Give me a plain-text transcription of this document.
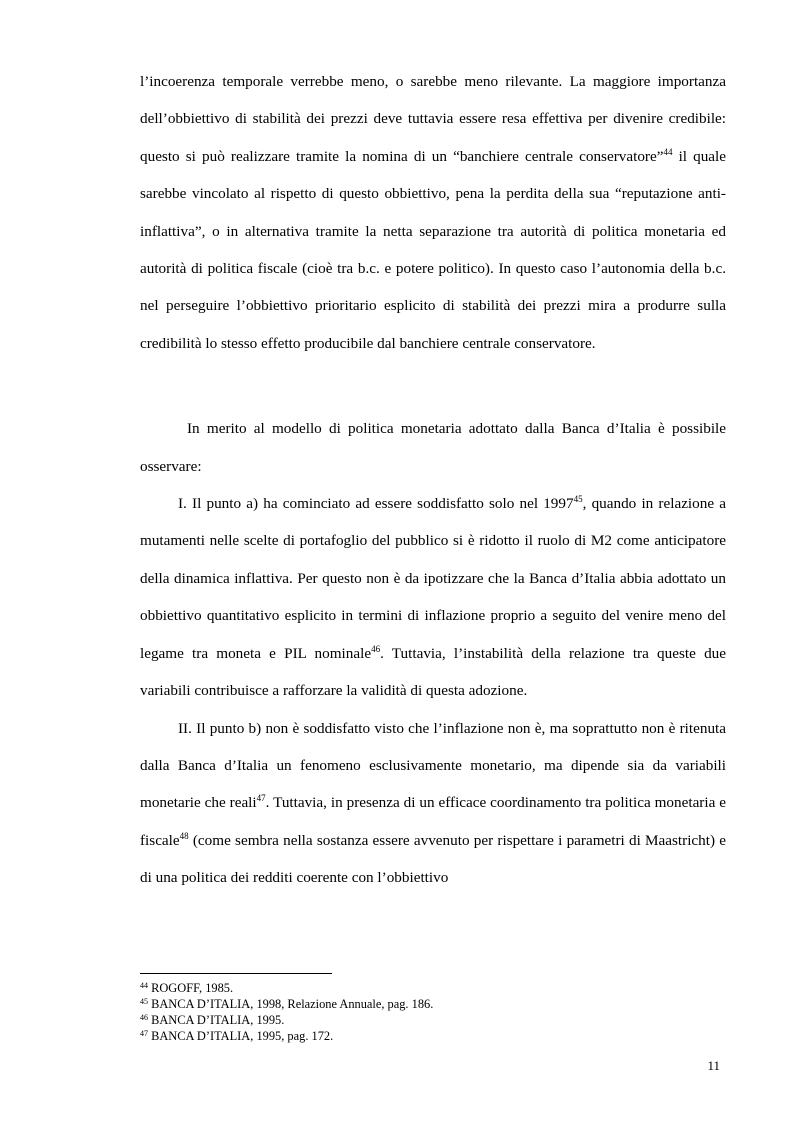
l’incoerenza temporale verrebbe meno, o sarebbe meno rilevante. La maggiore importanza dell’obbiettivo di stabilità dei prezzi deve tuttavia essere resa effettiva per divenire credibile: questo si può realizzare tramite la nomina di un “banchiere centrale conservatore”$^{44}$ il quale sarebbe vincolato al rispetto di questo obbiettivo, pena la perdita della sua “reputazione anti-inflattiva”, o in alternativa tramite la netta separazione tra autorità di politica monetaria ed autorità di politica fiscale (cioè tra b.c. e potere politico). In questo caso l’autonomia della b.c. nel perseguire l’obbiettivo prioritario esplicito di stabilità dei prezzi mira a produrre sulla credibilità lo stesso effetto producibile dal banchiere centrale conservatore.

In merito al modello di politica monetaria adottato dalla Banca d’Italia è possibile osservare:

I. Il punto a) ha cominciato ad essere soddisfatto solo nel 1997$^{45}$, quando in relazione a mutamenti nelle scelte di portafoglio del pubblico si è ridotto il ruolo di M2 come anticipatore della dinamica inflattiva. Per questo non è da ipotizzare che la Banca d’Italia abbia adottato un obbiettivo quantitativo esplicito in termini di inflazione proprio a seguito del venire meno del legame tra moneta e PIL nominale$^{46}$. Tuttavia, l’instabilità della relazione tra queste due variabili contribuisce a rafforzare la validità di questa adozione.

II. Il punto b) non è soddisfatto visto che l’inflazione non è, ma soprattutto non è ritenuta dalla Banca d’Italia un fenomeno esclusivamente monetario, ma dipende sia da variabili monetarie che reali$^{47}$. Tuttavia, in presenza di un efficace coordinamento tra politica monetaria e fiscale$^{48}$ (come sembra nella sostanza essere avvenuto per rispettare i parametri di Maastricht) e di una politica dei redditi coerente con l’obbiettivo

$^{44}$ ROGOFF, 1985.
$^{45}$ BANCA D’ITALIA, 1998, Relazione Annuale, pag. 186.
$^{46}$ BANCA D’ITALIA, 1995.
$^{47}$ BANCA D’ITALIA, 1995, pag. 172.
11
